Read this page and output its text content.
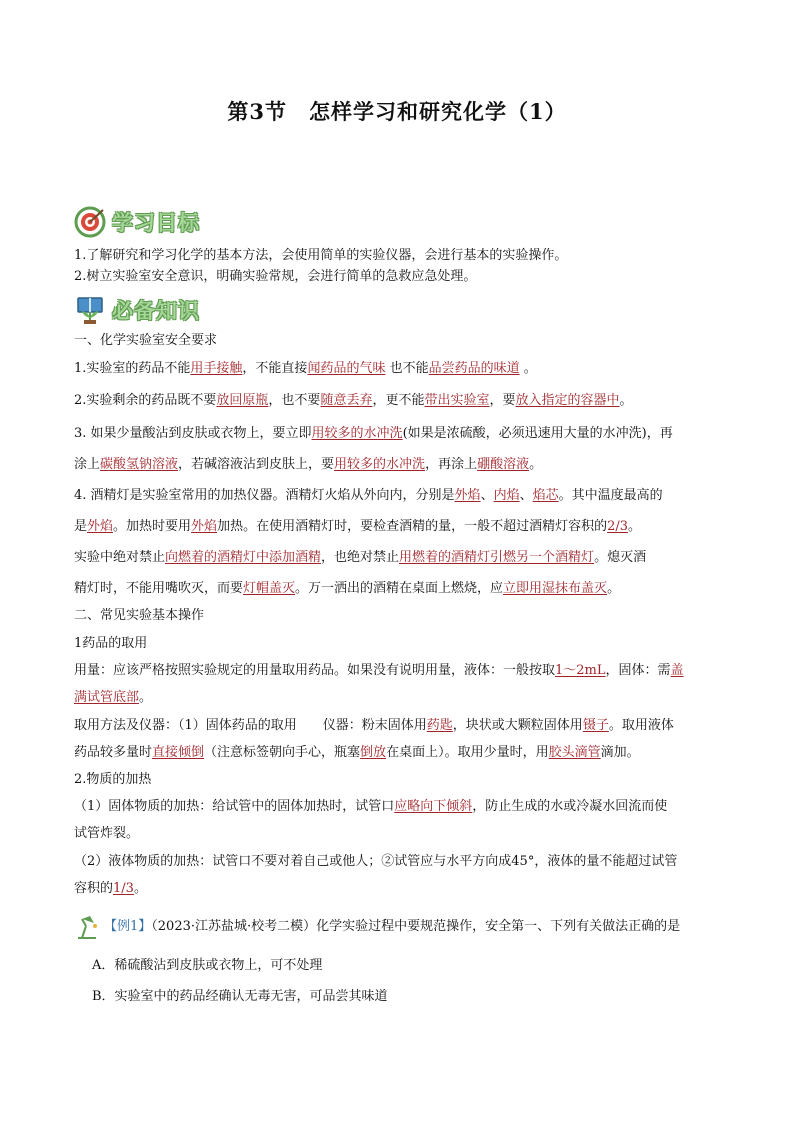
第3节　怎样学习和研究化学（1）
学习目标
1.了解研究和学习化学的基本方法，会使用简单的实验仪器，会进行基本的实验操作。
2.树立实验室安全意识，明确实验常规，会进行简单的急救应急处理。
必备知识
一、化学实验室安全要求
1.实验室的药品不能用手接触，不能直接闻药品的气味 也不能品尝药品的味道 。
2.实验剩余的药品既不要放回原瓶，也不要随意丢弃，更不能带出实验室，要放入指定的容器中。
3. 如果少量酸沾到皮肤或衣物上，要立即用较多的水冲洗(如果是浓硫酸，必须迅速用大量的水冲洗)，再
涂上碳酸氢钠溶液，若碱溶液沾到皮肤上，要用较多的水冲洗，再涂上硼酸溶液。
4. 酒精灯是实验室常用的加热仪器。酒精灯火焰从外向内，分别是外焰、内焰、焰芯。其中温度最高的
是外焰。加热时要用外焰加热。在使用酒精灯时，要检查酒精的量，一般不超过酒精灯容积的2/3。
实验中绝对禁止向燃着的酒精灯中添加酒精，也绝对禁止用燃着的酒精灯引燃另一个酒精灯。熄灭酒
精灯时，不能用嘴吹灭，而要灯帽盖灭。万一洒出的酒精在桌面上燃烧，应立即用湿抹布盖灭。
二、常见实验基本操作
1药品的取用
用量：应该严格按照实验规定的用量取用药品。如果没有说明用量，液体：一般按取1～2mL，固体：需盖
满试管底部。
取用方法及仪器：（1）固体药品的取用　　仪器：粉末固体用药匙，块状或大颗粒固体用镊子。取用液体
药品较多量时直接倾倒（注意标签朝向手心，瓶塞倒放在桌面上）。取用少量时，用胶头滴管滴加。
2.物质的加热
（1）固体物质的加热：给试管中的固体加热时，试管口应略向下倾斜，防止生成的水或冷凝水回流而使
试管炸裂。
（2）液体物质的加热：试管口不要对着自己或他人；②试管应与水平方向成45°，液体的量不能超过试管
容积的1/3。
【例1】（2023·江苏盐城·校考二模）化学实验过程中要规范操作，安全第一、下列有关做法正确的是
A．稀硫酸沾到皮肤或衣物上，可不处理
B．实验室中的药品经确认无毒无害，可品尝其味道
